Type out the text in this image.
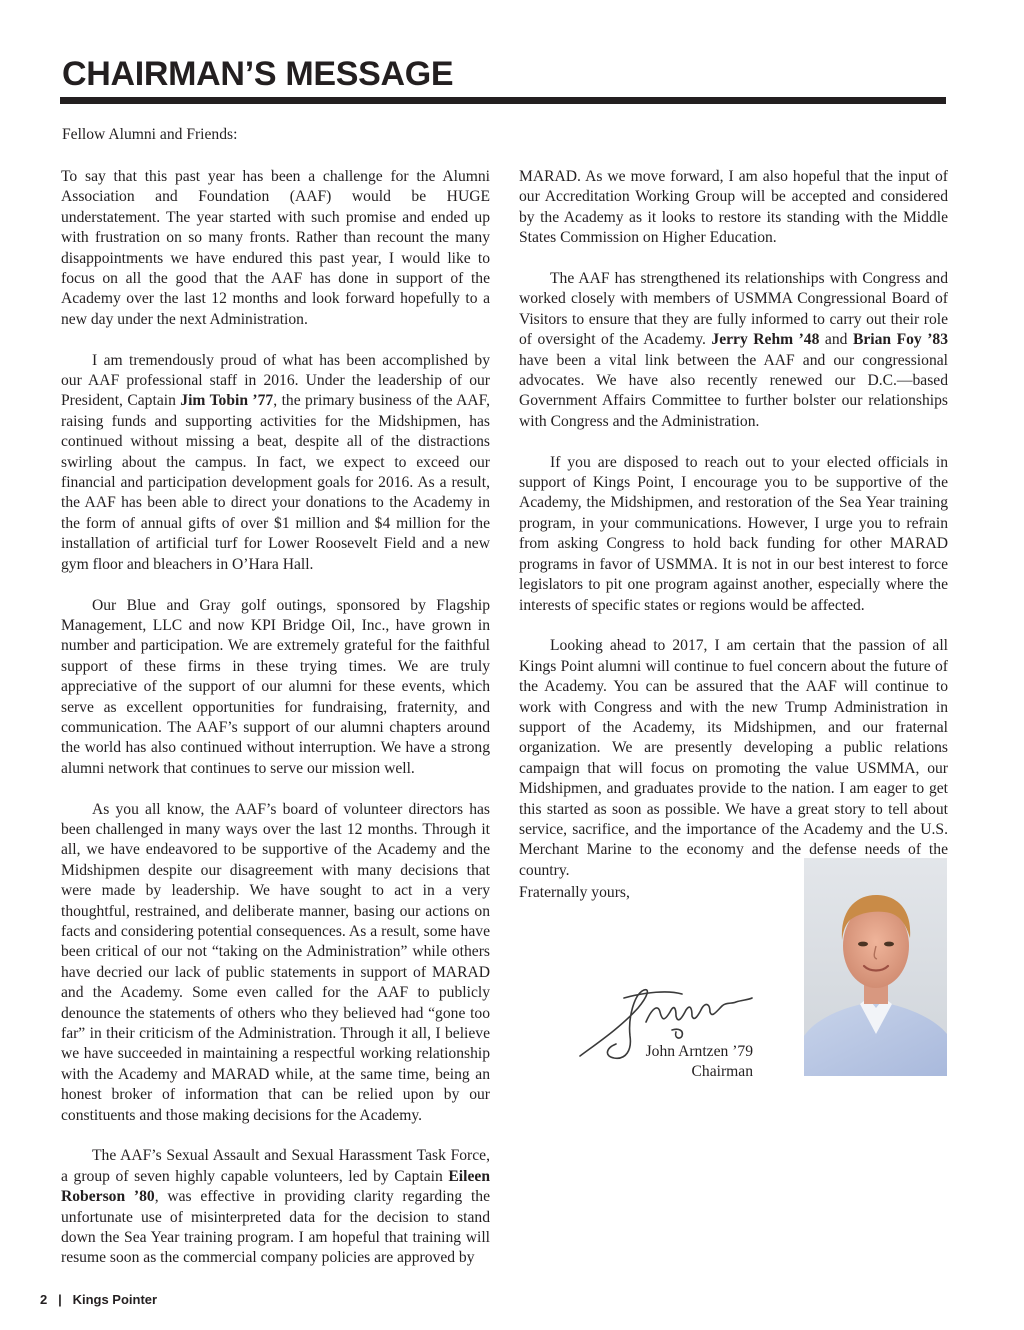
CHAIRMAN’S MESSAGE

Fellow Alumni and Friends:

To say that this past year has been a challenge for the Alumni Association and Foundation (AAF) would be HUGE understatement. The year started with such promise and ended up with frustration on so many fronts. Rather than recount the many disappointments we have endured this past year, I would like to focus on all the good that the AAF has done in support of the Academy over the last 12 months and look forward hopefully to a new day under the next Administration.

I am tremendously proud of what has been accomplished by our AAF professional staff in 2016. Under the leadership of our President, Captain Jim Tobin ’77, the primary business of the AAF, raising funds and supporting activities for the Midshipmen, has continued without missing a beat, despite all of the distractions swirling about the campus. In fact, we expect to exceed our financial and participation development goals for 2016. As a result, the AAF has been able to direct your donations to the Academy in the form of annual gifts of over $1 million and $4 million for the installation of artificial turf for Lower Roosevelt Field and a new gym floor and bleachers in O’Hara Hall.

Our Blue and Gray golf outings, sponsored by Flagship Management, LLC and now KPI Bridge Oil, Inc., have grown in number and participation. We are extremely grateful for the faithful support of these firms in these trying times. We are truly appreciative of the support of our alumni for these events, which serve as excellent opportunities for fundraising, fraternity, and communication. The AAF’s support of our alumni chapters around the world has also continued without interruption. We have a strong alumni network that continues to serve our mission well.

As you all know, the AAF’s board of volunteer directors has been challenged in many ways over the last 12 months. Through it all, we have endeavored to be supportive of the Academy and the Midshipmen despite our disagreement with many decisions that were made by leadership. We have sought to act in a very thoughtful, restrained, and deliberate manner, basing our actions on facts and considering potential consequences. As a result, some have been critical of our not “taking on the Administration” while others have decried our lack of public statements in support of MARAD and the Academy. Some even called for the AAF to publicly denounce the statements of others who they believed had “gone too far” in their criticism of the Administration. Through it all, I believe we have succeeded in maintaining a respectful working relationship with the Academy and MARAD while, at the same time, being an honest broker of information that can be relied upon by our constituents and those making decisions for the Academy.

The AAF’s Sexual Assault and Sexual Harassment Task Force, a group of seven highly capable volunteers, led by Captain Eileen Roberson ’80, was effective in providing clarity regarding the unfortunate use of misinterpreted data for the decision to stand down the Sea Year training program. I am hopeful that training will resume soon as the commercial company policies are approved by

MARAD. As we move forward, I am also hopeful that the input of our Accreditation Working Group will be accepted and considered by the Academy as it looks to restore its standing with the Middle States Commission on Higher Education.

The AAF has strengthened its relationships with Congress and worked closely with members of USMMA Congressional Board of Visitors to ensure that they are fully informed to carry out their role of oversight of the Academy. Jerry Rehm ’48 and Brian Foy ’83 have been a vital link between the AAF and our congressional advocates. We have also recently renewed our D.C.—based Government Affairs Committee to further bolster our relationships with Congress and the Administration.

If you are disposed to reach out to your elected officials in support of Kings Point, I encourage you to be supportive of the Academy, the Midshipmen, and restoration of the Sea Year training program, in your communications. However, I urge you to refrain from asking Congress to hold back funding for other MARAD programs in favor of USMMA. It is not in our best interest to force legislators to pit one program against another, especially where the interests of specific states or regions would be affected.

Looking ahead to 2017, I am certain that the passion of all Kings Point alumni will continue to fuel concern about the future of the Academy. You can be assured that the AAF will continue to work with Congress and with the new Trump Administration in support of the Academy, its Midshipmen, and our fraternal organization. We are presently developing a public relations campaign that will focus on promoting the value USMMA, our Midshipmen, and graduates provide to the nation. I am eager to get this started as soon as possible. We have a great story to tell about service, sacrifice, and the importance of the Academy and the U.S. Merchant Marine to the economy and the defense needs of the country.

Fraternally yours,

John Arntzen ’79
Chairman

2 | Kings Pointer
